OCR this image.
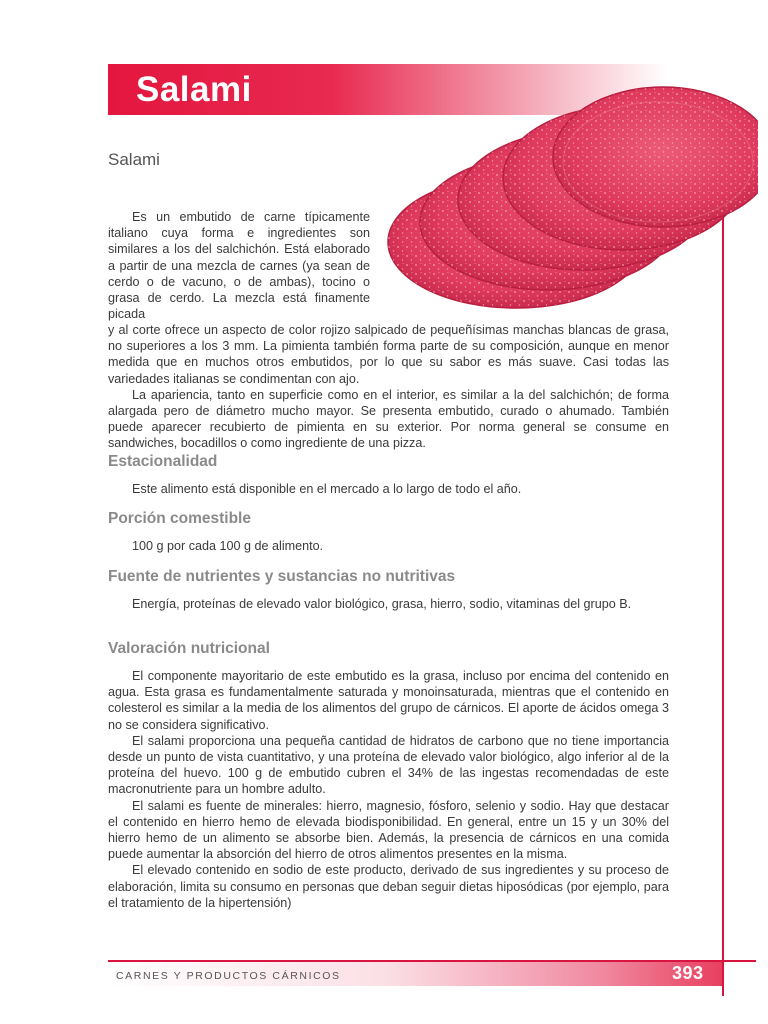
Salami
Salami

Es un embutido de carne típicamente italiano cuya forma e ingredientes son similares a los del salchichón. Está elaborado a partir de una mezcla de carnes (ya sean de cerdo o de vacuno, o de ambas), tocino o grasa de cerdo. La mezcla está finamente picada

y al corte ofrece un aspecto de color rojizo salpicado de pequeñísimas manchas blancas de grasa, no superiores a los 3 mm. La pimienta también forma parte de su composición, aunque en menor medida que en muchos otros embutidos, por lo que su sabor es más suave. Casi todas las variedades italianas se condimentan con ajo.

La apariencia, tanto en superficie como en el interior, es similar a la del salchichón; de forma alargada pero de diámetro mucho mayor. Se presenta embutido, curado o ahumado. También puede aparecer recubierto de pimienta en su exterior. Por norma general se consume en sandwiches, bocadillos o como ingrediente de una pizza.

Estacionalidad

Este alimento está disponible en el mercado a lo largo de todo el año.

Porción comestible

100 g por cada 100 g de alimento.

Fuente de nutrientes y sustancias no nutritivas

Energía, proteínas de elevado valor biológico, grasa, hierro, sodio, vitaminas del grupo B.

Valoración nutricional

El componente mayoritario de este embutido es la grasa, incluso por encima del contenido en agua. Esta grasa es fundamentalmente saturada y monoinsaturada, mientras que el contenido en colesterol es similar a la media de los alimentos del grupo de cárnicos. El aporte de ácidos omega 3 no se considera significativo.

El salami proporciona una pequeña cantidad de hidratos de carbono que no tiene importancia desde un punto de vista cuantitativo, y una proteína de elevado valor biológico, algo inferior al de la proteína del huevo. 100 g de embutido cubren el 34% de las ingestas recomendadas de este macronutriente para un hombre adulto.

El salami es fuente de minerales: hierro, magnesio, fósforo, selenio y sodio. Hay que destacar el contenido en hierro hemo de elevada biodisponibilidad. En general, entre un 15 y un 30% del hierro hemo de un alimento se absorbe bien. Además, la presencia de cárnicos en una comida puede aumentar la absorción del hierro de otros alimentos presentes en la misma.

El elevado contenido en sodio de este producto, derivado de sus ingredientes y su proceso de elaboración, limita su consumo en personas que deban seguir dietas hiposódicas (por ejemplo, para el tratamiento de la hipertensión)

CARNES Y PRODUCTOS CÁRNICOS	393
